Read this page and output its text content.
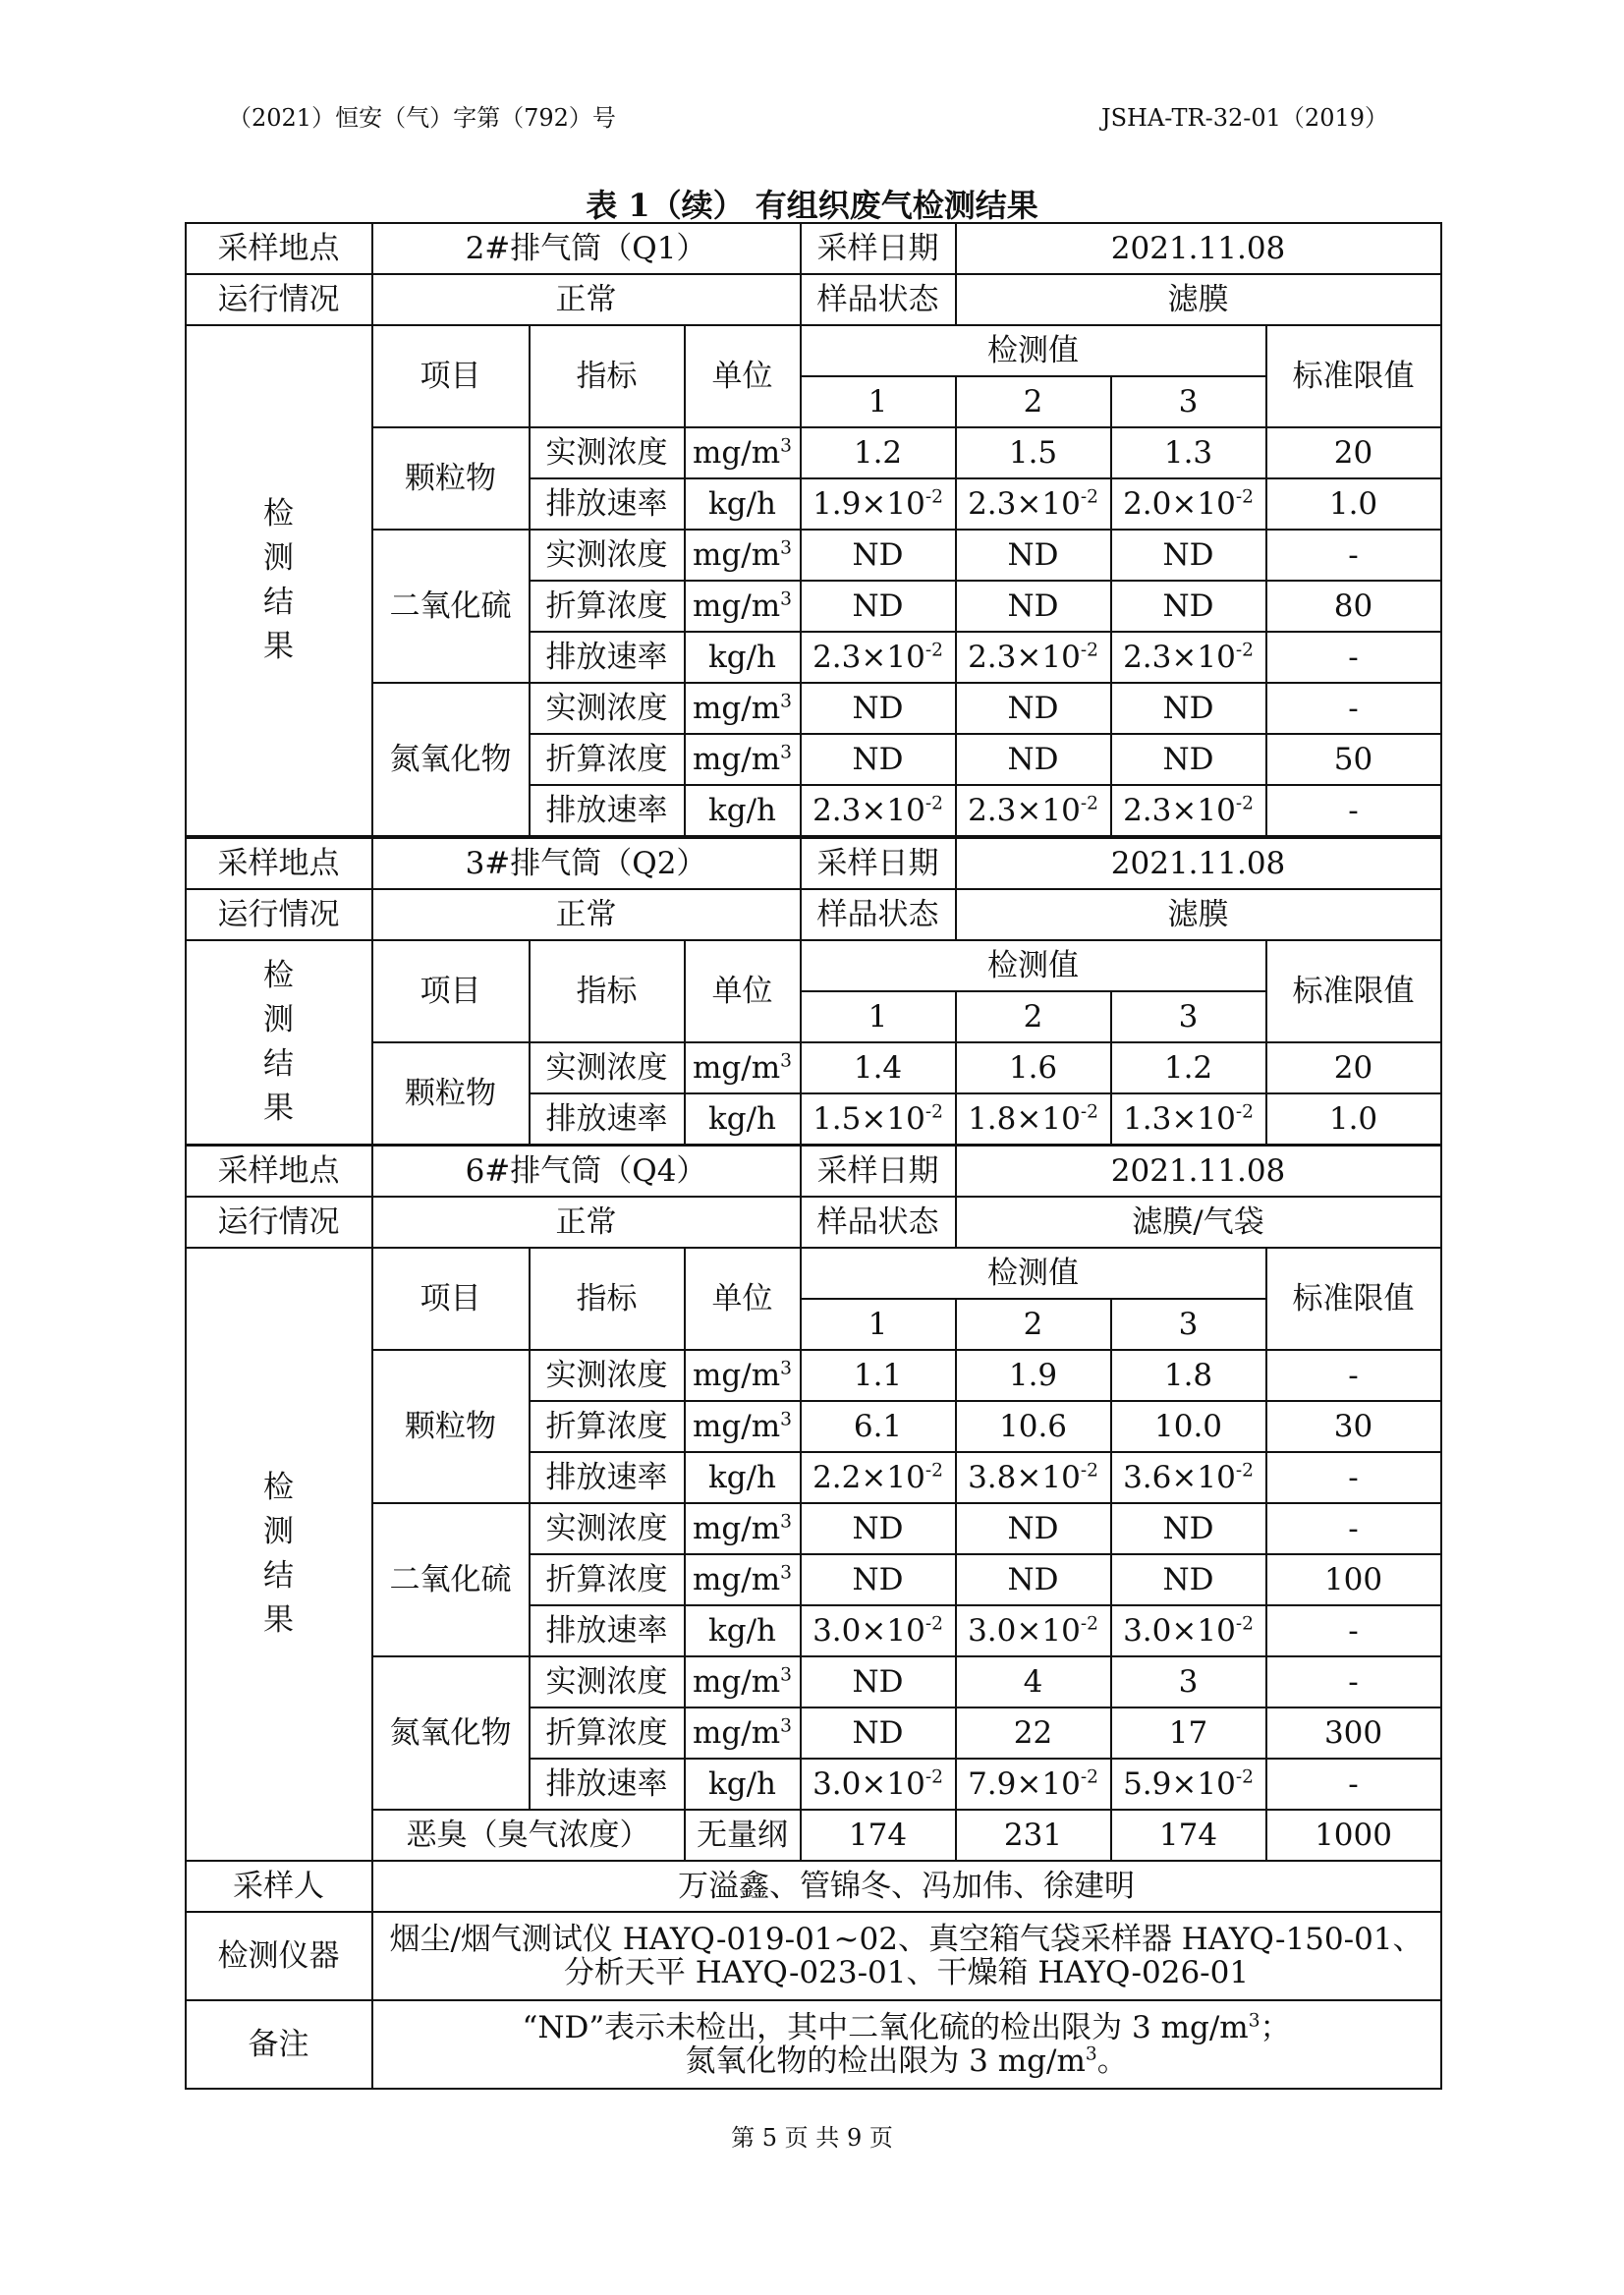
（2021）恒安（气）字第（792）号	JSHA-TR-32-01（2019）
表 1（续） 有组织废气检测结果
采样地点	2#排气筒（Q1）			采样日期	2021.11.08		
运行情况	正常			样品状态	滤膜		
检
测
结
果	项目	指标	单位	检测值			标准限值
				1	2	3	
	颗粒物	实测浓度	$mg/m^3$	1.2	1.5	1.3	20
		排放速率	kg/h	$1.9\times 10^{-2}$	$2.3\times 10^{-2}$	$2.0\times 10^{-2}$	1.0
	二氧化硫	实测浓度	$mg/m^3$	ND	ND	ND	-
		折算浓度	$mg/m^3$	ND	ND	ND	80
		排放速率	kg/h	$2.3\times 10^{-2}$	$2.3\times 10^{-2}$	$2.3\times 10^{-2}$	-
	氮氧化物	实测浓度	$mg/m^3$	ND	ND	ND	-
		折算浓度	$mg/m^3$	ND	ND	ND	50
		排放速率	kg/h	$2.3\times 10^{-2}$	$2.3\times 10^{-2}$	$2.3\times 10^{-2}$	-
采样地点	3#排气筒（Q2）			采样日期	2021.11.08		
运行情况	正常			样品状态	滤膜		
检
测
结
果	项目	指标	单位	检测值			标准限值
				1	2	3	
	颗粒物	实测浓度	$mg/m^3$	1.4	1.6	1.2	20
		排放速率	kg/h	$1.5\times 10^{-2}$	$1.8\times 10^{-2}$	$1.3\times 10^{-2}$	1.0
采样地点	6#排气筒（Q4）			采样日期	2021.11.08		
运行情况	正常			样品状态	滤膜/气袋		
检
测
结
果	项目	指标	单位	检测值			标准限值
				1	2	3	
	颗粒物	实测浓度	$mg/m^3$	1.1	1.9	1.8	-
		折算浓度	$mg/m^3$	6.1	10.6	10.0	30
		排放速率	kg/h	$2.2\times 10^{-2}$	$3.8\times 10^{-2}$	$3.6\times 10^{-2}$	-
	二氧化硫	实测浓度	$mg/m^3$	ND	ND	ND	-
		折算浓度	$mg/m^3$	ND	ND	ND	100
		排放速率	kg/h	$3.0\times 10^{-2}$	$3.0\times 10^{-2}$	$3.0\times 10^{-2}$	-
	氮氧化物	实测浓度	$mg/m^3$	ND	4	3	-
		折算浓度	$mg/m^3$	ND	22	17	300
		排放速率	kg/h	$3.0\times 10^{-2}$	$7.9\times 10^{-2}$	$5.9\times 10^{-2}$	-
	恶臭（臭气浓度）		无量纲	174	231	174	1000
采样人	万溢鑫、管锦冬、冯加伟、徐建明						
检测仪器	烟尘/烟气测试仪 HAYQ-019-01~02、真空箱气袋采样器 HAYQ-150-01、
分析天平 HAYQ-023-01、干燥箱 HAYQ-026-01						

备注	“ND”表示未检出，其中二氧化硫的检出限为 3 $mg/m^3$；
氮氧化物的检出限为 3 $mg/m^3$。						
第 5 页 共 9 页
